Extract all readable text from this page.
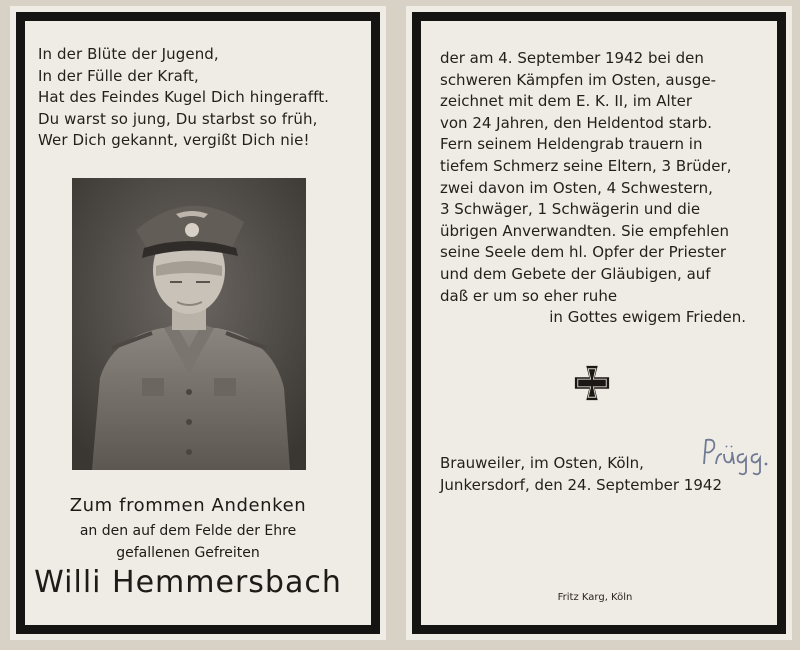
In der Blüte der Jugend,
In der Fülle der Kraft,
Hat des Feindes Kugel Dich hingerafft.
Du warst so jung, Du starbst so früh,
Wer Dich gekannt, vergißt Dich nie!
Zum frommen Andenken
an den auf dem Felde der Ehre
gefallenen Gefreiten
Willi Hemmersbach
der am 4. September 1942 bei den
schweren Kämpfen im Osten, ausge-
zeichnet mit dem E. K. II, im Alter
von 24 Jahren, den Heldentod starb.
Fern seinem Heldengrab trauern in
tiefem Schmerz seine Eltern, 3 Brüder,
zwei davon im Osten, 4 Schwestern,
3 Schwäger, 1 Schwägerin und die
übrigen Anverwandten. Sie empfehlen
seine Seele dem hl. Opfer der Priester
und dem Gebete der Gläubigen, auf
daß er um so eher ruhe
in Gottes ewigem Frieden.
Brauweiler, im Osten, Köln,
Junkersdorf, den 24. September 1942
Fritz Karg, Köln
